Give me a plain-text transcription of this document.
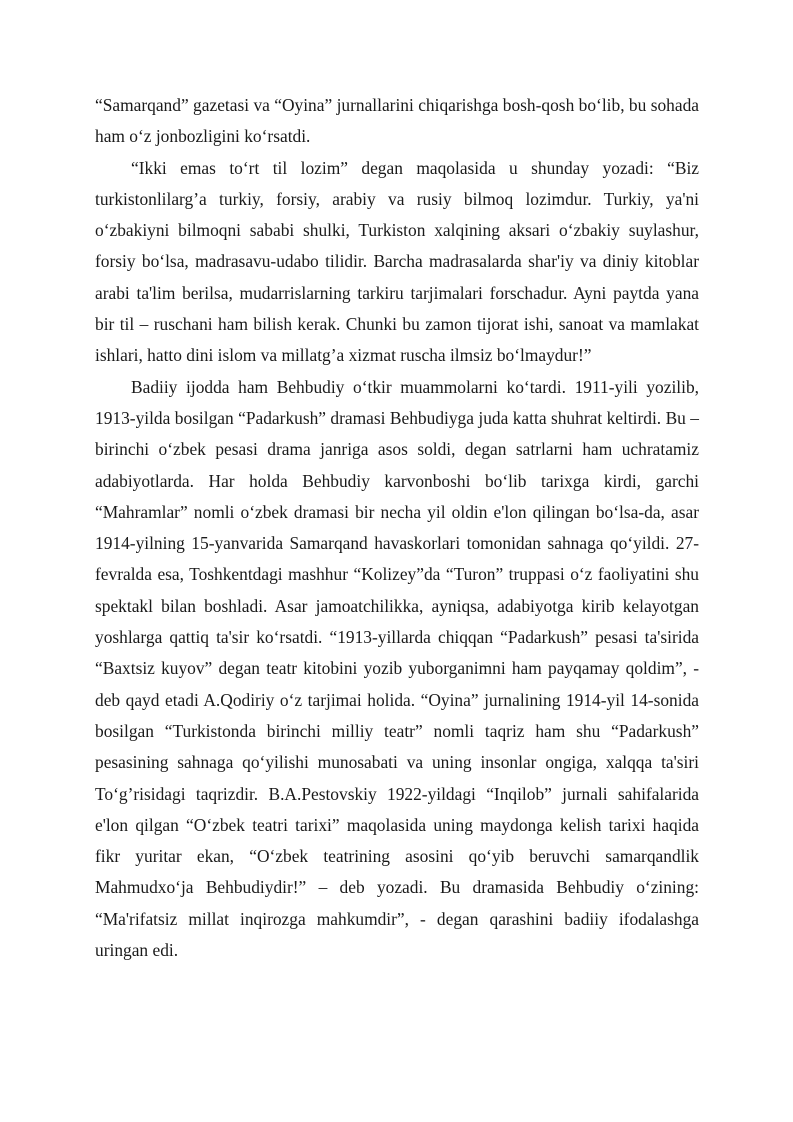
“Samarqand” gazetasi va “Oyina” jurnallarini chiqarishga bosh-qosh bo‘lib, bu sohada ham o‘z jonbozligini ko‘rsatdi.

“Ikki emas to‘rt til lozim” degan maqolasida u shunday yozadi: “Biz turkistonlilarg’a turkiy, forsiy, arabiy va rusiy bilmoq lozimdur. Turkiy, ya'ni o‘zbakiyni bilmoqni sababi shulki, Turkiston xalqining aksari o‘zbakiy suylashur, forsiy bo‘lsa, madrasavu-udabo tilidir. Barcha madrasalarda shar'iy va diniy kitoblar arabi ta'lim berilsa, mudarrislarning tarkiru tarjimalari forschadur. Ayni paytda yana bir til – ruschani ham bilish kerak. Chunki bu zamon tijorat ishi, sanoat va mamlakat ishlari, hatto dini islom va millatg’a xizmat ruscha ilmsiz bo‘lmaydur!”

Badiiy ijodda ham Behbudiy o‘tkir muammolarni ko‘tardi. 1911-yili yozilib, 1913-yilda bosilgan “Padarkush” dramasi Behbudiyga juda katta shuhrat keltirdi. Bu – birinchi o‘zbek pesasi drama janriga asos soldi, degan satrlarni ham uchratamiz adabiyotlarda. Har holda Behbudiy karvonboshi bo‘lib tarixga kirdi, garchi “Mahramlar” nomli o‘zbek dramasi bir necha yil oldin e'lon qilingan bo‘lsa-da, asar 1914-yilning 15-yanvarida Samarqand havaskorlari tomonidan sahnaga qo‘yildi. 27-fevralda esa, Toshkentdagi mashhur “Kolizey”da “Turon” truppasi o‘z faoliyatini shu spektakl bilan boshladi. Asar jamoatchilikka, ayniqsa, adabiyotga kirib kelayotgan yoshlarga qattiq ta'sir ko‘rsatdi. “1913-yillarda chiqqan “Padarkush” pesasi ta'sirida “Baxtsiz kuyov” degan teatr kitobini yozib yuborganimni ham payqamay qoldim”, - deb qayd etadi A.Qodiriy o‘z tarjimai holida. “Oyina” jurnalining 1914-yil 14-sonida bosilgan “Turkistonda birinchi milliy teatr” nomli taqriz ham shu “Padarkush” pesasining sahnaga qo‘yilishi munosabati va uning insonlar ongiga, xalqqa ta'siri To‘g’risidagi taqrizdir. B.A.Pestovskiy 1922-yildagi “Inqilob” jurnali sahifalarida e'lon qilgan “O‘zbek teatri tarixi” maqolasida uning maydonga kelish tarixi haqida fikr yuritar ekan, “O‘zbek teatrining asosini qo‘yib beruvchi samarqandlik Mahmudxo‘ja Behbudiydir!” – deb yozadi. Bu dramasida Behbudiy o‘zining: “Ma'rifatsiz millat inqirozga mahkumdir”, - degan qarashini badiiy ifodalashga uringan edi.
